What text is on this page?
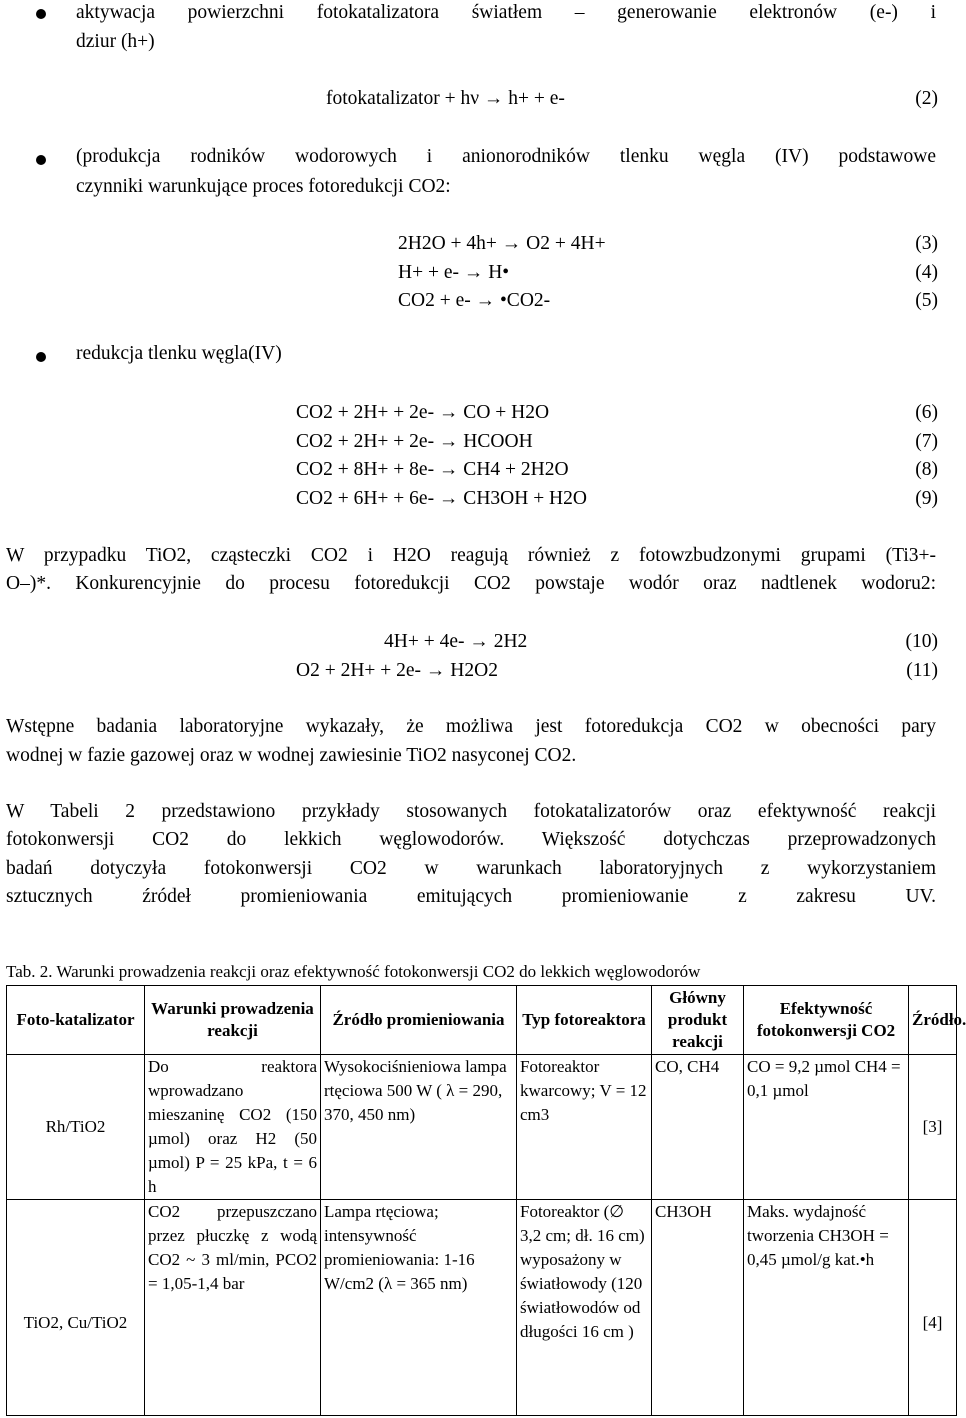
aktywacja powierzchni fotokatalizatora światłem – generowanie elektronów (e-) i
dziur (h+)
fotokatalizator + hν → h+ + e-	(2)
(produkcja rodników wodorowych i anionorodników tlenku węgla (IV) podstawowe
czynniki warunkujące proces fotoredukcji CO2:
2H2O + 4h+ → O2 + 4H+	(3)
H+ + e- → H•	(4)
CO2 + e- → •CO2-	(5)
redukcja tlenku węgla(IV)
CO2 + 2H+ + 2e- → CO + H2O	(6)
CO2 + 2H+ + 2e- → HCOOH	(7)
CO2 + 8H+ + 8e- → CH4 + 2H2O	(8)
CO2 + 6H+ + 6e- → CH3OH + H2O	(9)
W przypadku TiO2, cząsteczki CO2 i H2O reagują również z fotowzbudzonymi grupami (Ti3+-
O–)*. Konkurencyjnie do procesu fotoredukcji CO2 powstaje wodór oraz nadtlenek wodoru2:
4H+ + 4e- → 2H2	(10)
O2 + 2H+ + 2e- → H2O2	(11)
Wstępne badania laboratoryjne wykazały, że możliwa jest fotoredukcja CO2 w obecności pary
wodnej w fazie gazowej oraz w wodnej zawiesinie TiO2 nasyconej CO2.
W Tabeli 2 przedstawiono przykłady stosowanych fotokatalizatorów oraz efektywność reakcji
fotokonwersji CO2 do lekkich węglowodorów. Większość dotychczas przeprowadzonych
badań dotyczyła fotokonwersji CO2 w warunkach laboratoryjnych z wykorzystaniem
sztucznych źródeł promieniowania emitujących promieniowanie z zakresu UV.
Tab. 2. Warunki prowadzenia reakcji oraz efektywność fotokonwersji CO2 do lekkich węglowodorów
Foto-katalizator	Warunki prowadzenia reakcji	Źródło promieniowania	Typ fotoreaktora	Główny produkt reakcji	Efektywność fotokonwersji CO2	Źródło.
Rh/TiO2	Do reaktora wprowadzano mieszaninę CO2 (150 µmol) oraz H2 (50 µmol) P = 25 kPa, t = 6 h	Wysokociśnieniowa lampa rtęciowa 500 W ( λ = 290, 370, 450 nm)	Fotoreaktor kwarcowy; V = 12 cm3	CO, CH4	CO = 9,2 µmol CH4 = 0,1 µmol	[3]
TiO2, Cu/TiO2	CO2 przepuszczano przez płuczkę z wodą CO2 ~ 3 ml/min, PCO2 = 1,05-1,4 bar	Lampa rtęciowa; intensywność promieniowania: 1-16 W/cm2 (λ = 365 nm)	Fotoreaktor (∅ 3,2 cm; dł. 16 cm) wyposażony w światłowody (120 światłowodów od długości 16 cm )	CH3OH	Maks. wydajność tworzenia CH3OH = 0,45 µmol/g kat.•h	[4]
